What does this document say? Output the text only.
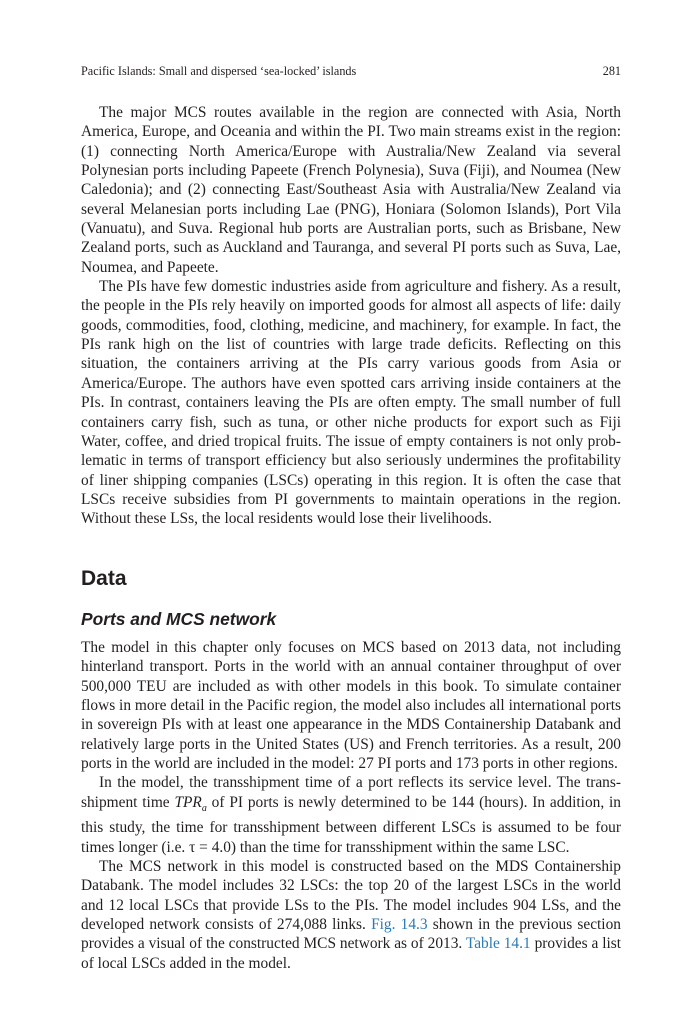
Pacific Islands: Small and dispersed ‘sea-locked’ islands	281

The major MCS routes available in the region are connected with Asia, North America, Europe, and Oceania and within the PI. Two main streams exist in the region: (1) connecting North America/Europe with Australia/New Zealand via several Polynesian ports including Papeete (French Polynesia), Suva (Fiji), and Noumea (New Caledonia); and (2) connecting East/Southeast Asia with Australia/New Zealand via several Melanesian ports including Lae (PNG), Honiara (Solomon Islands), Port Vila (Vanuatu), and Suva. Regional hub ports are Australian ports, such as Brisbane, New Zealand ports, such as Auckland and Tauranga, and several PI ports such as Suva, Lae, Noumea, and Papeete.

The PIs have few domestic industries aside from agriculture and fishery. As a result, the people in the PIs rely heavily on imported goods for almost all aspects of life: daily goods, commodities, food, clothing, medicine, and machinery, for example. In fact, the PIs rank high on the list of countries with large trade deficits. Reflecting on this situation, the containers arriving at the PIs carry various goods from Asia or America/Europe. The authors have even spotted cars arriving inside containers at the PIs. In contrast, containers leaving the PIs are often empty. The small number of full containers carry fish, such as tuna, or other niche products for export such as Fiji Water, coffee, and dried tropical fruits. The issue of empty containers is not only problematic in terms of transport efficiency but also seriously undermines the profitability of liner shipping companies (LSCs) operating in this region. It is often the case that LSCs receive subsidies from PI governments to maintain operations in the region. Without these LSs, the local residents would lose their livelihoods.

Data
Ports and MCS network

The model in this chapter only focuses on MCS based on 2013 data, not including hinterland transport. Ports in the world with an annual container throughput of over 500,000 TEU are included as with other models in this book. To simulate container flows in more detail in the Pacific region, the model also includes all international ports in sovereign PIs with at least one appearance in the MDS Containership Databank and relatively large ports in the United States (US) and French territories. As a result, 200 ports in the world are included in the model: 27 PI ports and 173 ports in other regions.

In the model, the transshipment time of a port reflects its service level. The transshipment time $TPR_a$ of PI ports is newly determined to be 144 (hours). In addition, in this study, the time for transshipment between different LSCs is assumed to be four times longer (i.e. τ = 4.0) than the time for transshipment within the same LSC.

The MCS network in this model is constructed based on the MDS Containership Databank. The model includes 32 LSCs: the top 20 of the largest LSCs in the world and 12 local LSCs that provide LSs to the PIs. The model includes 904 LSs, and the developed network consists of 274,088 links. Fig. 14.3 shown in the previous section provides a visual of the constructed MCS network as of 2013. Table 14.1 provides a list of local LSCs added in the model.
